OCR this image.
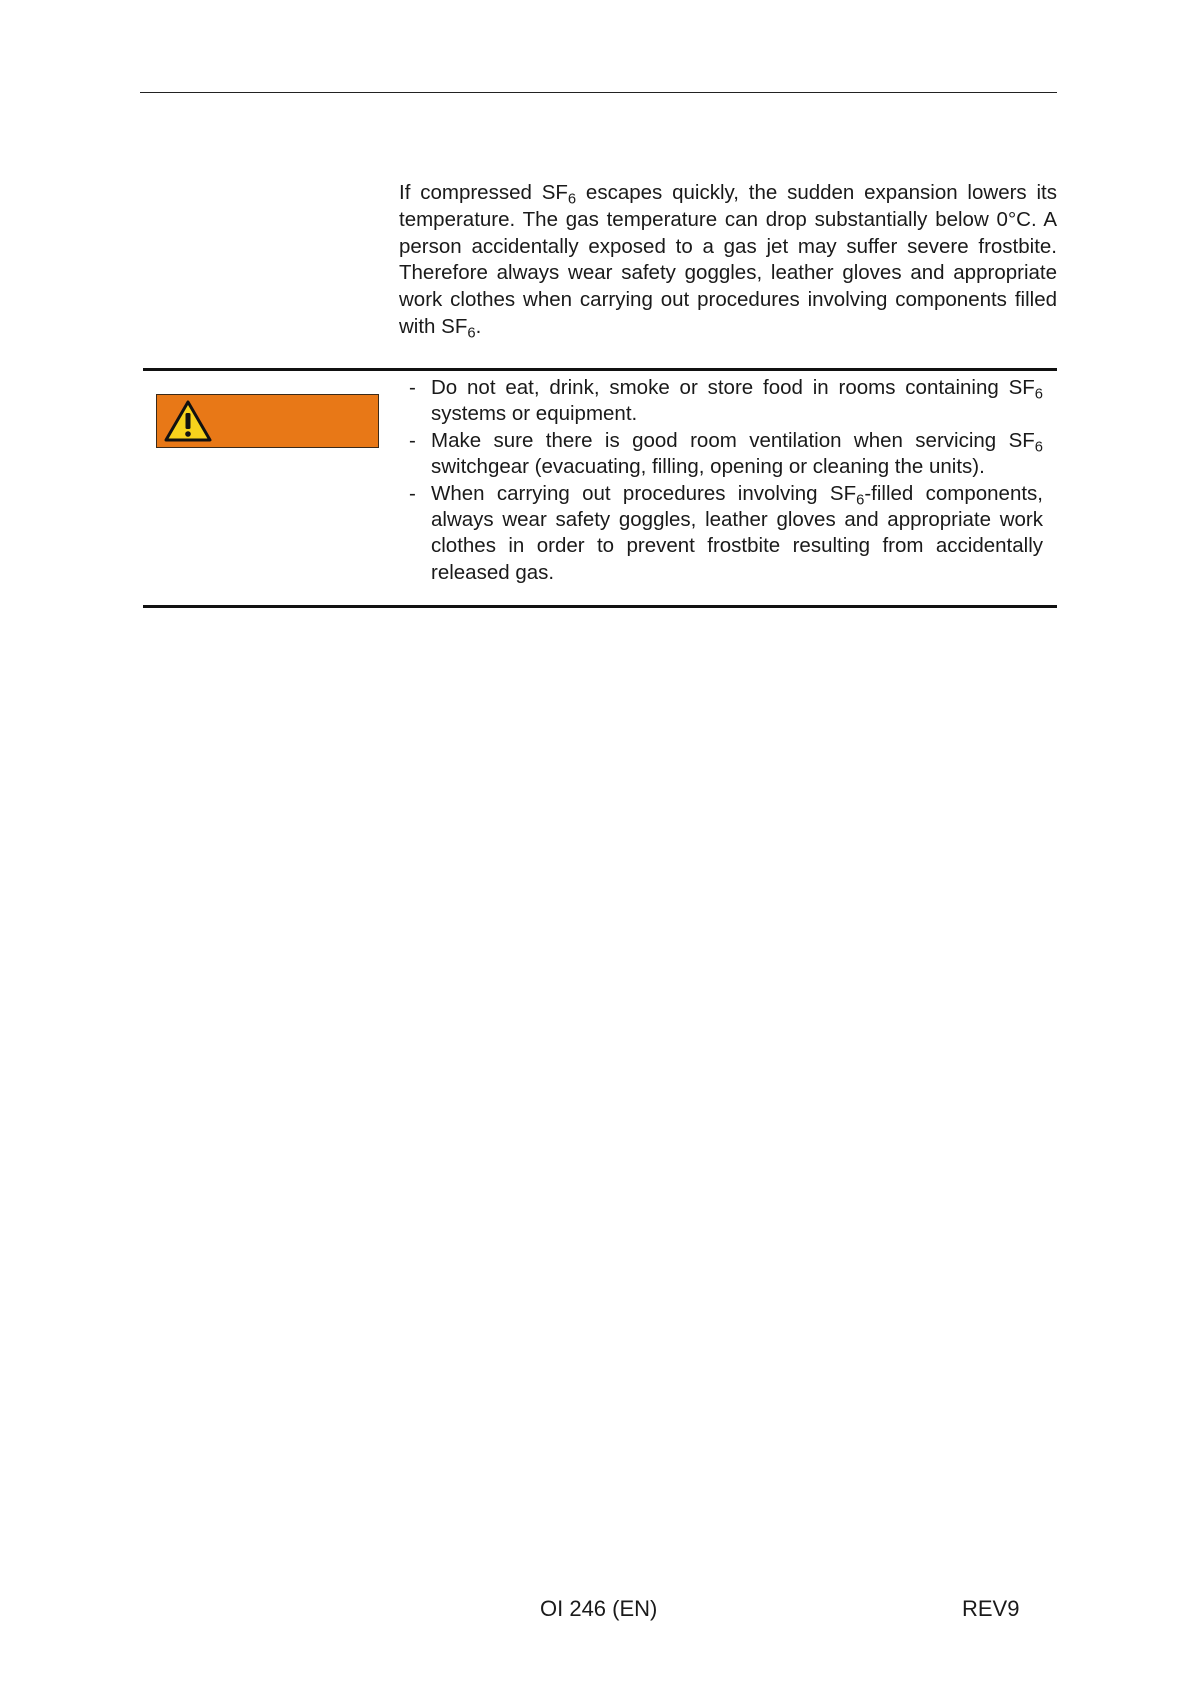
If compressed $SF_6$ escapes quickly, the sudden expansion lowers its temperature. The gas temperature can drop substantially below 0°C. A person accidentally exposed to a gas jet may suffer severe frostbite. Therefore always wear safety goggles, leather gloves and appropriate work clothes when carrying out procedures involving components filled with $SF_6$.

- Do not eat, drink, smoke or store food in rooms containing $SF_6$ systems or equipment.
- Make sure there is good room ventilation when servicing $SF_6$ switchgear (evacuating, filling, opening or cleaning the units).
- When carrying out procedures involving $SF_6$-filled components, always wear safety goggles, leather gloves and appropriate work clothes in order to prevent frostbite resulting from accidentally released gas.
OI 246 (EN)	REV9
